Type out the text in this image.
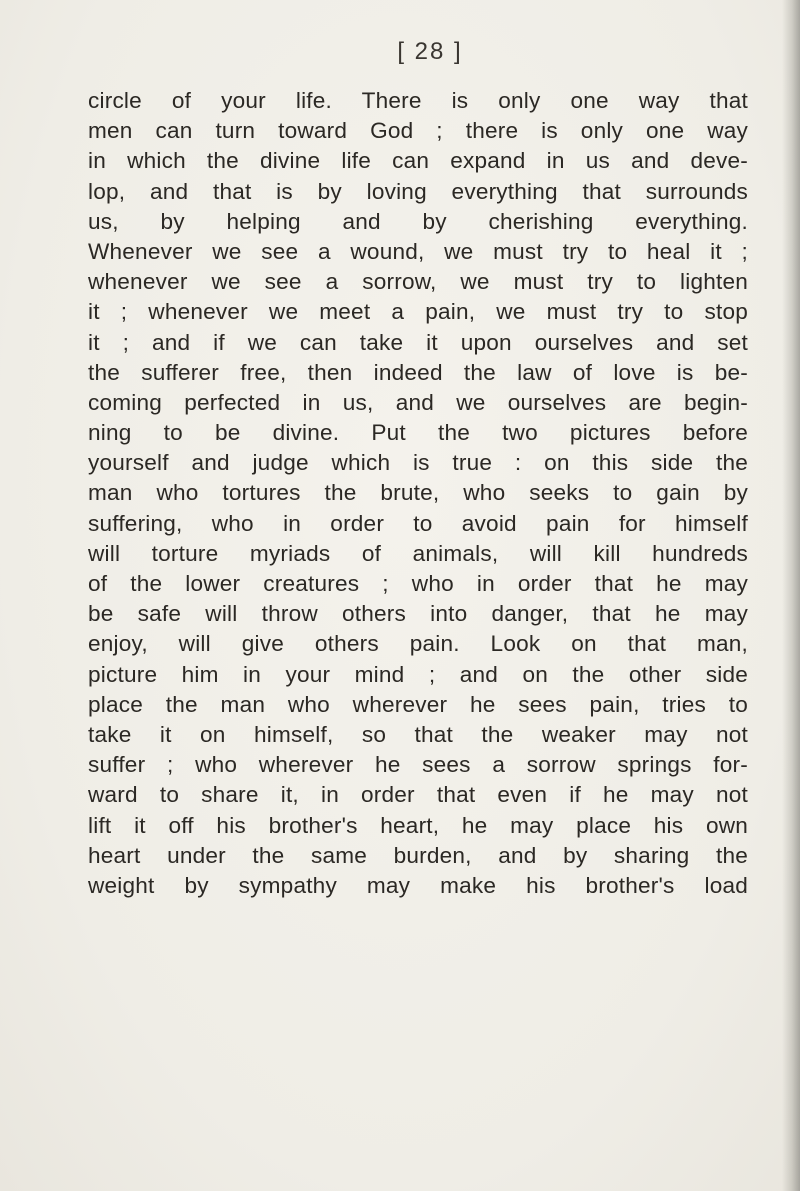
[ 28 ]
circle of your life. There is only one way that
men can turn toward God ; there is only one way
in which the divine life can expand in us and deve-
lop, and that is by loving everything that surrounds
us, by helping and by cherishing everything.
Whenever we see a wound, we must try to heal it ;
whenever we see a sorrow, we must try to lighten
it ; whenever we meet a pain, we must try to stop
it ; and if we can take it upon ourselves and set
the sufferer free, then indeed the law of love is be-
coming perfected in us, and we ourselves are begin-
ning to be divine. Put the two pictures before
yourself and judge which is true : on this side the
man who tortures the brute, who seeks to gain by
suffering, who in order to avoid pain for himself
will torture myriads of animals, will kill hundreds
of the lower creatures ; who in order that he may
be safe will throw others into danger, that he may
enjoy, will give others pain. Look on that man,
picture him in your mind ; and on the other side
place the man who wherever he sees pain, tries to
take it on himself, so that the weaker may not
suffer ; who wherever he sees a sorrow springs for-
ward to share it, in order that even if he may not
lift it off his brother's heart, he may place his own
heart under the same burden, and by sharing the
weight by sympathy may make his brother's load
